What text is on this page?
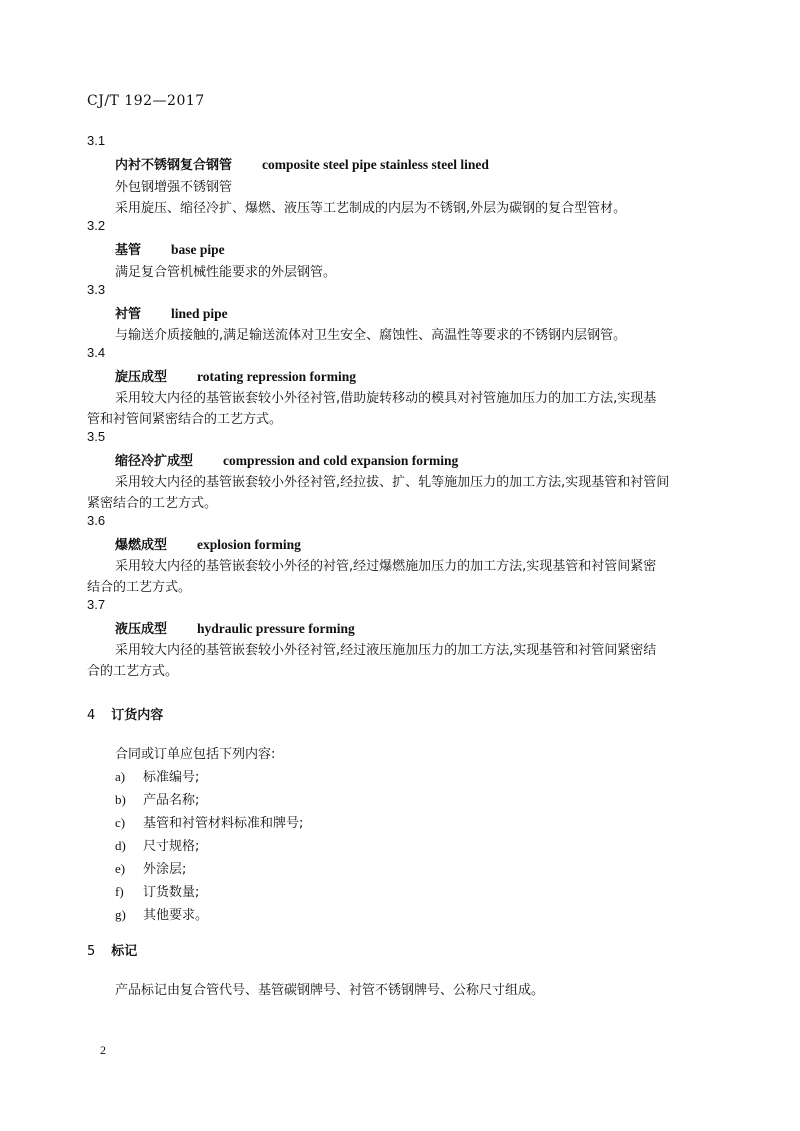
CJ/T 192—2017
3.1
内衬不锈钢复合钢管 composite steel pipe stainless steel lined
外包钢增强不锈钢管
采用旋压、缩径冷扩、爆燃、液压等工艺制成的内层为不锈钢,外层为碳钢的复合型管材。
3.2
基管 base pipe
满足复合管机械性能要求的外层钢管。
3.3
衬管 lined pipe
与输送介质接触的,满足输送流体对卫生安全、腐蚀性、高温性等要求的不锈钢内层钢管。
3.4
旋压成型 rotating repression forming
采用较大内径的基管嵌套较小外径衬管,借助旋转移动的模具对衬管施加压力的加工方法,实现基
管和衬管间紧密结合的工艺方式。
3.5
缩径冷扩成型 compression and cold expansion forming
采用较大内径的基管嵌套较小外径衬管,经拉拔、扩、轧等施加压力的加工方法,实现基管和衬管间
紧密结合的工艺方式。
3.6
爆燃成型 explosion forming
采用较大内径的基管嵌套较小外径的衬管,经过爆燃施加压力的加工方法,实现基管和衬管间紧密
结合的工艺方式。
3.7
液压成型 hydraulic pressure forming
采用较大内径的基管嵌套较小外径衬管,经过液压施加压力的加工方法,实现基管和衬管间紧密结
合的工艺方式。
4 订货内容
合同或订单应包括下列内容:
a) 标准编号;
b) 产品名称;
c) 基管和衬管材料标准和牌号;
d) 尺寸规格;
e) 外涂层;
f) 订货数量;
g) 其他要求。
5 标记
产品标记由复合管代号、基管碳钢牌号、衬管不锈钢牌号、公称尺寸组成。
2
